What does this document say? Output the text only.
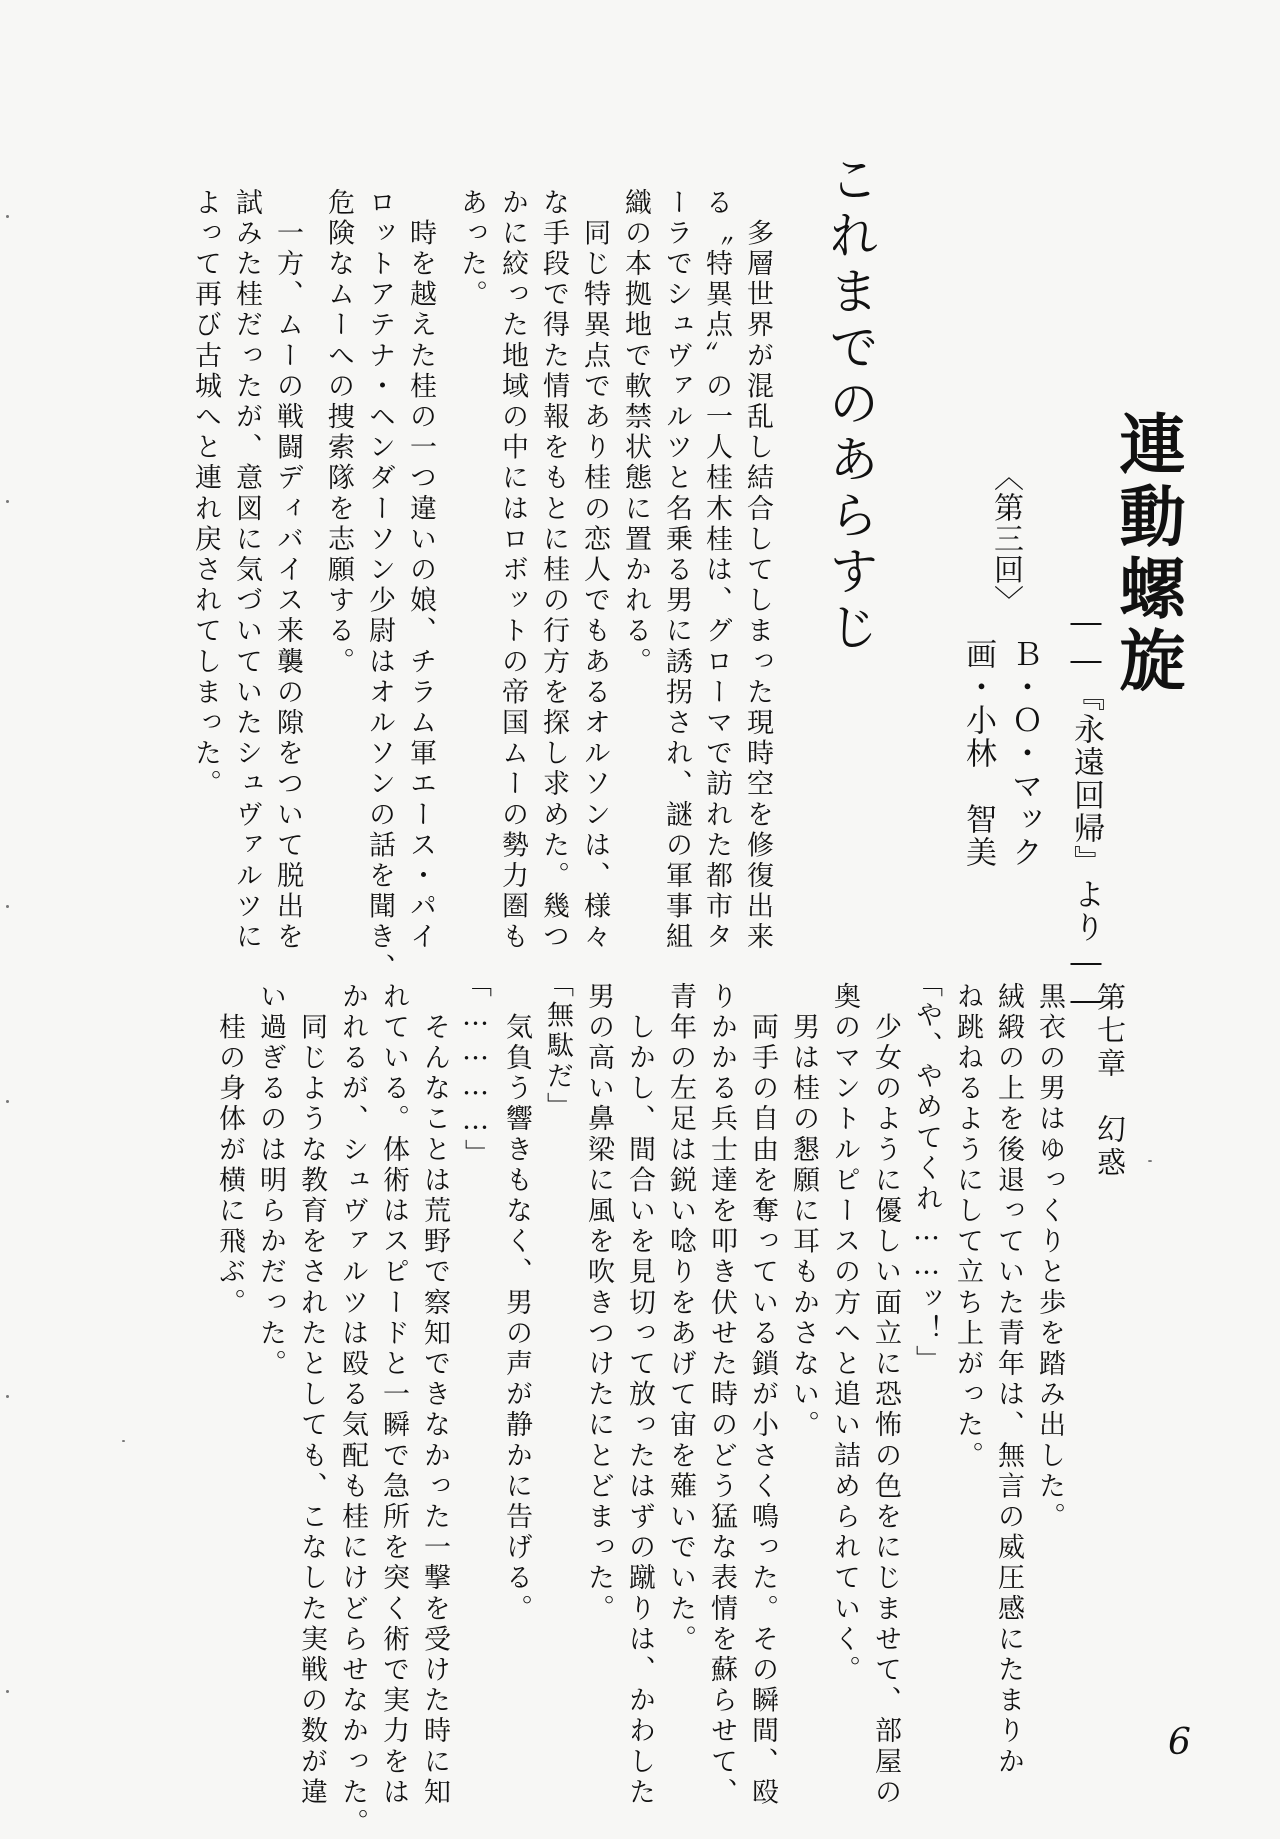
連動螺旋
――『永遠回帰』より――
〈第三回〉
Ｂ・Ｏ・マック
画・小林　智美
これまでのあらすじ
　多層世界が混乱し結合してしまった現時空を修復出来
る〝特異点〟の一人桂木桂は、グローマで訪れた都市タ
ーラでシュヴァルツと名乗る男に誘拐され、謎の軍事組
織の本拠地で軟禁状態に置かれる。
　同じ特異点であり桂の恋人でもあるオルソンは、様々
な手段で得た情報をもとに桂の行方を探し求めた。幾つ
かに絞った地域の中にはロボットの帝国ムーの勢力圏も
あった。
　時を越えた桂の一つ違いの娘、チラム軍エース・パイ
ロットアテナ・ヘンダーソン少尉はオルソンの話を聞き、
危険なムーへの捜索隊を志願する。
　一方、ムーの戦闘ディバイス来襲の隙をついて脱出を
試みた桂だったが、意図に気づいていたシュヴァルツに
よって再び古城へと連れ戻されてしまった。
第七章　幻惑
黒衣の男はゆっくりと歩を踏み出した。
絨緞の上を後退っていた青年は、無言の威圧感にたまりか
ね跳ねるようにして立ち上がった。
「や、やめてくれ……ッ！」
　少女のように優しい面立に恐怖の色をにじませて、部屋の
奥のマントルピースの方へと追い詰められていく。
　男は桂の懇願に耳もかさない。
　両手の自由を奪っている鎖が小さく鳴った。その瞬間、殴
りかかる兵士達を叩き伏せた時のどう猛な表情を蘇らせて、
青年の左足は鋭い唸りをあげて宙を薙いでいた。
　しかし、間合いを見切って放ったはずの蹴りは、かわした
男の高い鼻梁に風を吹きつけたにとどまった。
「無駄だ」
　気負う響きもなく、男の声が静かに告げる。
「…………」
　そんなことは荒野で察知できなかった一撃を受けた時に知
れている。体術はスピードと一瞬で急所を突く術で実力をは
かれるが、シュヴァルツは殴る気配も桂にけどらせなかった。
　同じような教育をされたとしても、こなした実戦の数が違
い過ぎるのは明らかだった。
　桂の身体が横に飛ぶ。
6
